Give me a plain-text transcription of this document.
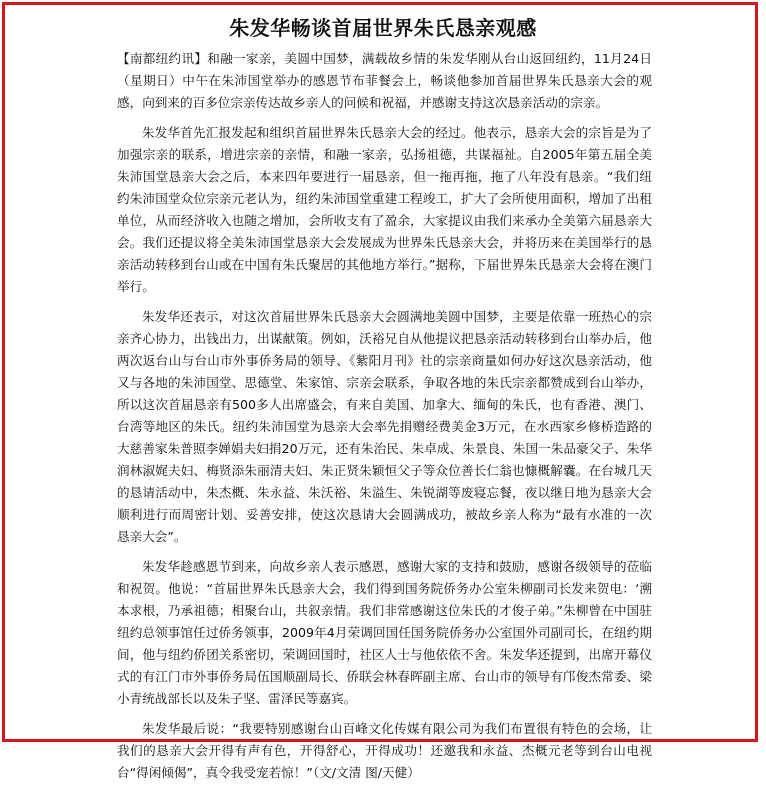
朱发华畅谈首届世界朱氏恳亲观感

【南都纽约讯】和融一家亲，美圆中国梦，满载故乡情的朱发华刚从台山返回纽约，11月24日（星期日）中午在朱沛国堂举办的感恩节布菲餐会上，畅谈他参加首届世界朱氏恳亲大会的观感，向到来的百多位宗亲传达故乡亲人的问候和祝福，并感谢支持这次恳亲活动的宗亲。

朱发华首先汇报发起和组织首届世界朱氏恳亲大会的经过。他表示，恳亲大会的宗旨是为了加强宗亲的联系，增进宗亲的亲情，和融一家亲，弘扬祖德，共谋福祉。自2005年第五届全美朱沛国堂恳亲大会之后，本来四年要进行一届恳亲，但一拖再拖，拖了八年没有恳亲。“我们纽约朱沛国堂众位宗亲元老认为，纽约朱沛国堂重建工程竣工，扩大了会所使用面积，增加了出租单位，从而经济收入也随之增加，会所收支有了盈余，大家提议由我们来承办全美第六届恳亲大会。我们还提议将全美朱沛国堂恳亲大会发展成为世界朱氏恳亲大会，并将历来在美国举行的恳亲活动转移到台山或在中国有朱氏聚居的其他地方举行。”据称，下届世界朱氏恳亲大会将在澳门举行。

朱发华还表示，对这次首届世界朱氏恳亲大会圆满地美圆中国梦，主要是依靠一班热心的宗亲齐心协力，出钱出力，出谋献策。例如，沃裕兄自从他提议把恳亲活动转移到台山举办后，他两次返台山与台山市外事侨务局的领导、《紫阳月刊》社的宗亲商量如何办好这次恳亲活动，他又与各地的朱沛国堂、思德堂、朱家馆、宗亲会联系，争取各地的朱氏宗亲都赞成到台山举办，所以这次首届恳亲有500多人出席盛会，有来自美国、加拿大、缅甸的朱氏，也有香港、澳门、台湾等地区的朱氏。纽约朱沛国堂为恳亲大会率先捐赠经费美金3万元，在水西家乡修桥造路的大慈善家朱普照李婵娟夫妇捐20万元，还有朱治民、朱卓成、朱景良、朱国一朱品豪父子、朱华润林淑娓夫妇、梅贤添朱丽清夫妇、朱正贤朱颖恒父子等众位善长仁翁也慷概解囊。在台城几天的恳请活动中，朱杰概、朱永益、朱沃裕、朱溢生、朱锐湖等废寝忘餐，夜以继日地为恳亲大会顺利进行而周密计划、妥善安排，使这次恳请大会圆满成功，被故乡亲人称为“最有水准的一次恳亲大会”。

朱发华趁感恩节到来，向故乡亲人表示感恩，感谢大家的支持和鼓励，感谢各级领导的莅临和祝贺。他说：“首届世界朱氏恳亲大会，我们得到国务院侨务办公室朱柳副司长发来贺电：‘溯本求根，乃承祖德；相聚台山，共叙亲情。我们非常感谢这位朱氏的才俊子弟。”朱柳曾在中国驻纽约总领事馆任过侨务领事，2009年4月荣调回国任国务院侨务办公室国外司副司长，在纽约期间，他与纽约侨团关系密切，荣调回国时，社区人士与他依依不舍。朱发华还提到，出席开幕仪式的有江门市外事侨务局伍国顺副局长、侨联会林春晖副主席、台山市的领导有邝俊杰常委、梁小青统战部长以及朱子坚、雷泽民等嘉宾。

朱发华最后说：“我要特别感谢台山百峰文化传媒有限公司为我们布置很有特色的会场，让我们的恳亲大会开得有声有色，开得舒心，开得成功！还邀我和永益、杰概元老等到台山电视台“得闲倾偈”，真令我受宠若惊！”（文/文清 图/天健）
